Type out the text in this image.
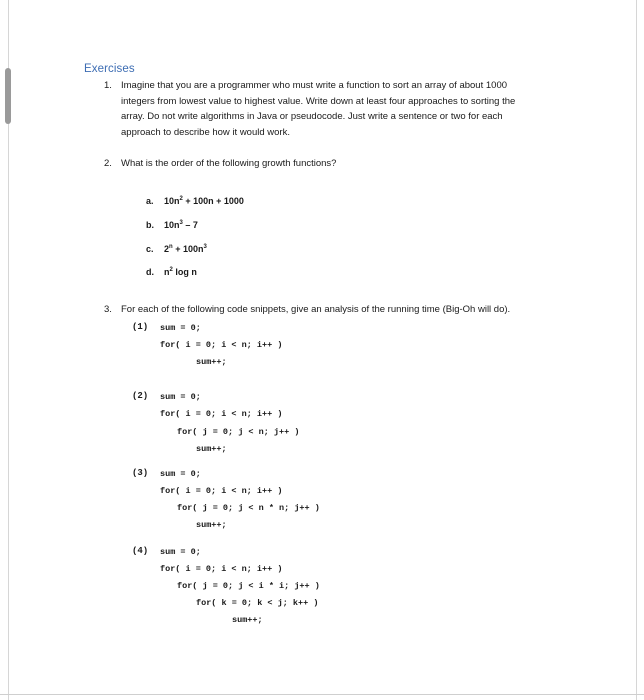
Exercises
1. Imagine that you are a programmer who must write a function to sort an array of about 1000
integers from lowest value to highest value. Write down at least four approaches to sorting the
array. Do not write algorithms in Java or pseudocode. Just write a sentence or two for each
approach to describe how it would work.
2. What is the order of the following growth functions?
a. $10n^2 + 100n + 1000$
b. $10n^3 - 7$
c. $2^n + 100n^3$
d. $n^2$ log n
3. For each of the following code snippets, give an analysis of the running time (Big-Oh will do).
(1) sum = 0;
for( i = 0; i < n; i++ )
sum++;
(2) sum = 0;
for( i = 0; i < n; i++ )
for( j = 0; j < n; j++ )
sum++;
(3) sum = 0;
for( i = 0; i < n; i++ )
for( j = 0; j < n * n; j++ )
sum++;
(4) sum = 0;
for( i = 0; i < n; i++ )
for( j = 0; j < i * i; j++ )
for( k = 0; k < j; k++ )
sum++;
